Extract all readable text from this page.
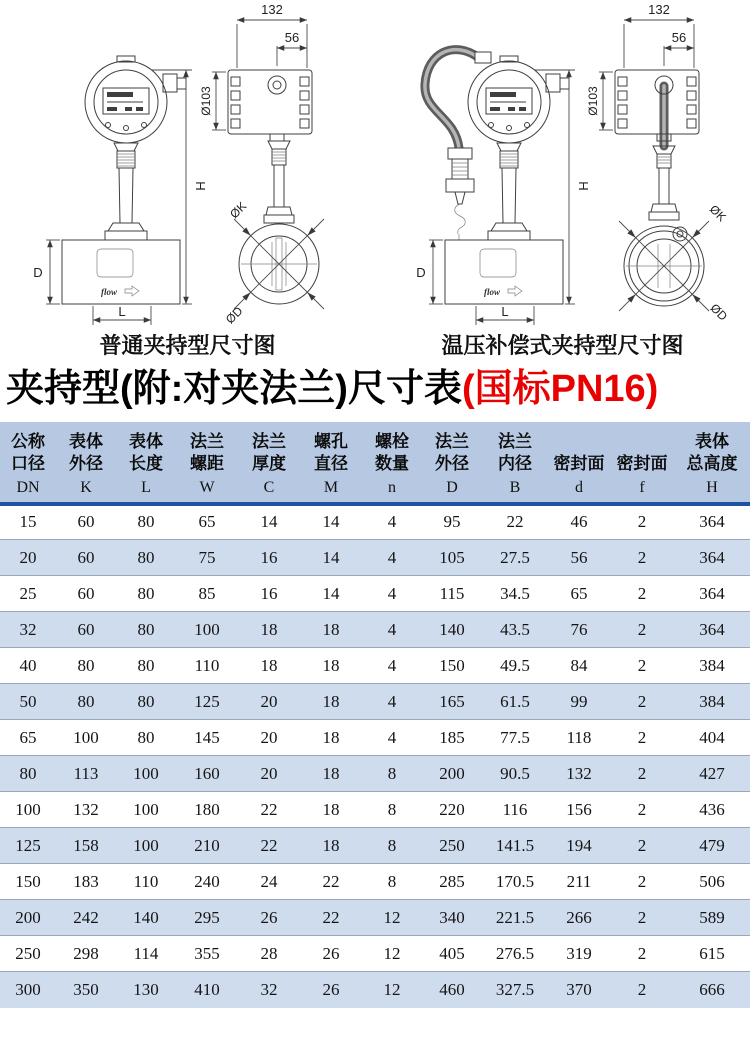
flow
D
L
H
132
56
Ø103
ØK
ØD
flow
D
L
H
132
56
Ø103
ØK
ØD
普通夹持型尺寸图	温压补偿式夹持型尺寸图
夹持型(附:对夹法兰)尺寸表(国标PN16)
公称
口径
DN

表体
外径
K

表体
长度
L

法兰
螺距
W

法兰
厚度
C

螺孔
直径
M

螺栓
数量
n

法兰
外径
D

法兰
内径
B

密封面
d

密封面
f

表体
总高度
H

15	60	80	65	14	14	4	95	22	46	2	364
20	60	80	75	16	14	4	105	27.5	56	2	364
25	60	80	85	16	14	4	115	34.5	65	2	364
32	60	80	100	18	18	4	140	43.5	76	2	364
40	80	80	110	18	18	4	150	49.5	84	2	384
50	80	80	125	20	18	4	165	61.5	99	2	384
65	100	80	145	20	18	4	185	77.5	118	2	404
80	113	100	160	20	18	8	200	90.5	132	2	427
100	132	100	180	22	18	8	220	116	156	2	436
125	158	100	210	22	18	8	250	141.5	194	2	479
150	183	110	240	24	22	8	285	170.5	211	2	506
200	242	140	295	26	22	12	340	221.5	266	2	589
250	298	114	355	28	26	12	405	276.5	319	2	615
300	350	130	410	32	26	12	460	327.5	370	2	666
